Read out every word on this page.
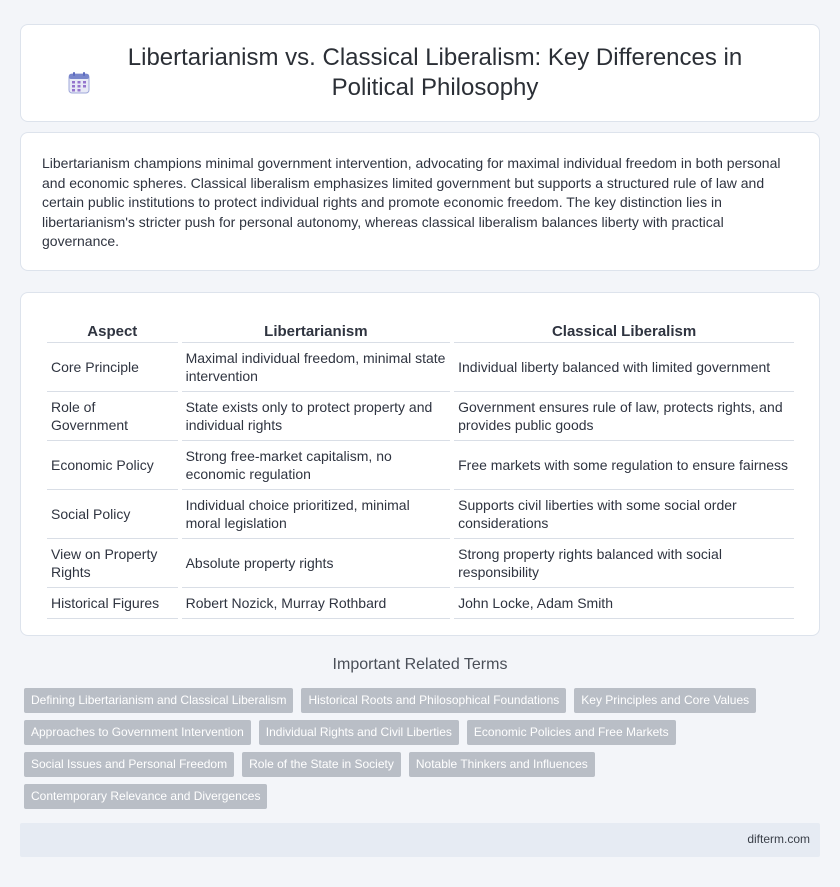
Libertarianism vs. Classical Liberalism: Key Differences in Political Philosophy

Libertarianism champions minimal government intervention, advocating for maximal individual freedom in both personal and economic spheres. Classical liberalism emphasizes limited government but supports a structured rule of law and certain public institutions to protect individual rights and promote economic freedom. The key distinction lies in libertarianism's stricter push for personal autonomy, whereas classical liberalism balances liberty with practical governance.

Aspect	Libertarianism	Classical Liberalism
Core Principle	Maximal individual freedom, minimal state intervention	Individual liberty balanced with limited government
Role of Government	State exists only to protect property and individual rights	Government ensures rule of law, protects rights, and provides public goods
Economic Policy	Strong free-market capitalism, no economic regulation	Free markets with some regulation to ensure fairness
Social Policy	Individual choice prioritized, minimal moral legislation	Supports civil liberties with some social order considerations
View on Property Rights	Absolute property rights	Strong property rights balanced with social responsibility
Historical Figures	Robert Nozick, Murray Rothbard	John Locke, Adam Smith
Important Related Terms
Defining Libertarianism and Classical Liberalism	Historical Roots and Philosophical Foundations	Key Principles and Core Values
Approaches to Government Intervention	Individual Rights and Civil Liberties	Economic Policies and Free Markets
Social Issues and Personal Freedom	Role of the State in Society	Notable Thinkers and Influences
Contemporary Relevance and Divergences
difterm.com
